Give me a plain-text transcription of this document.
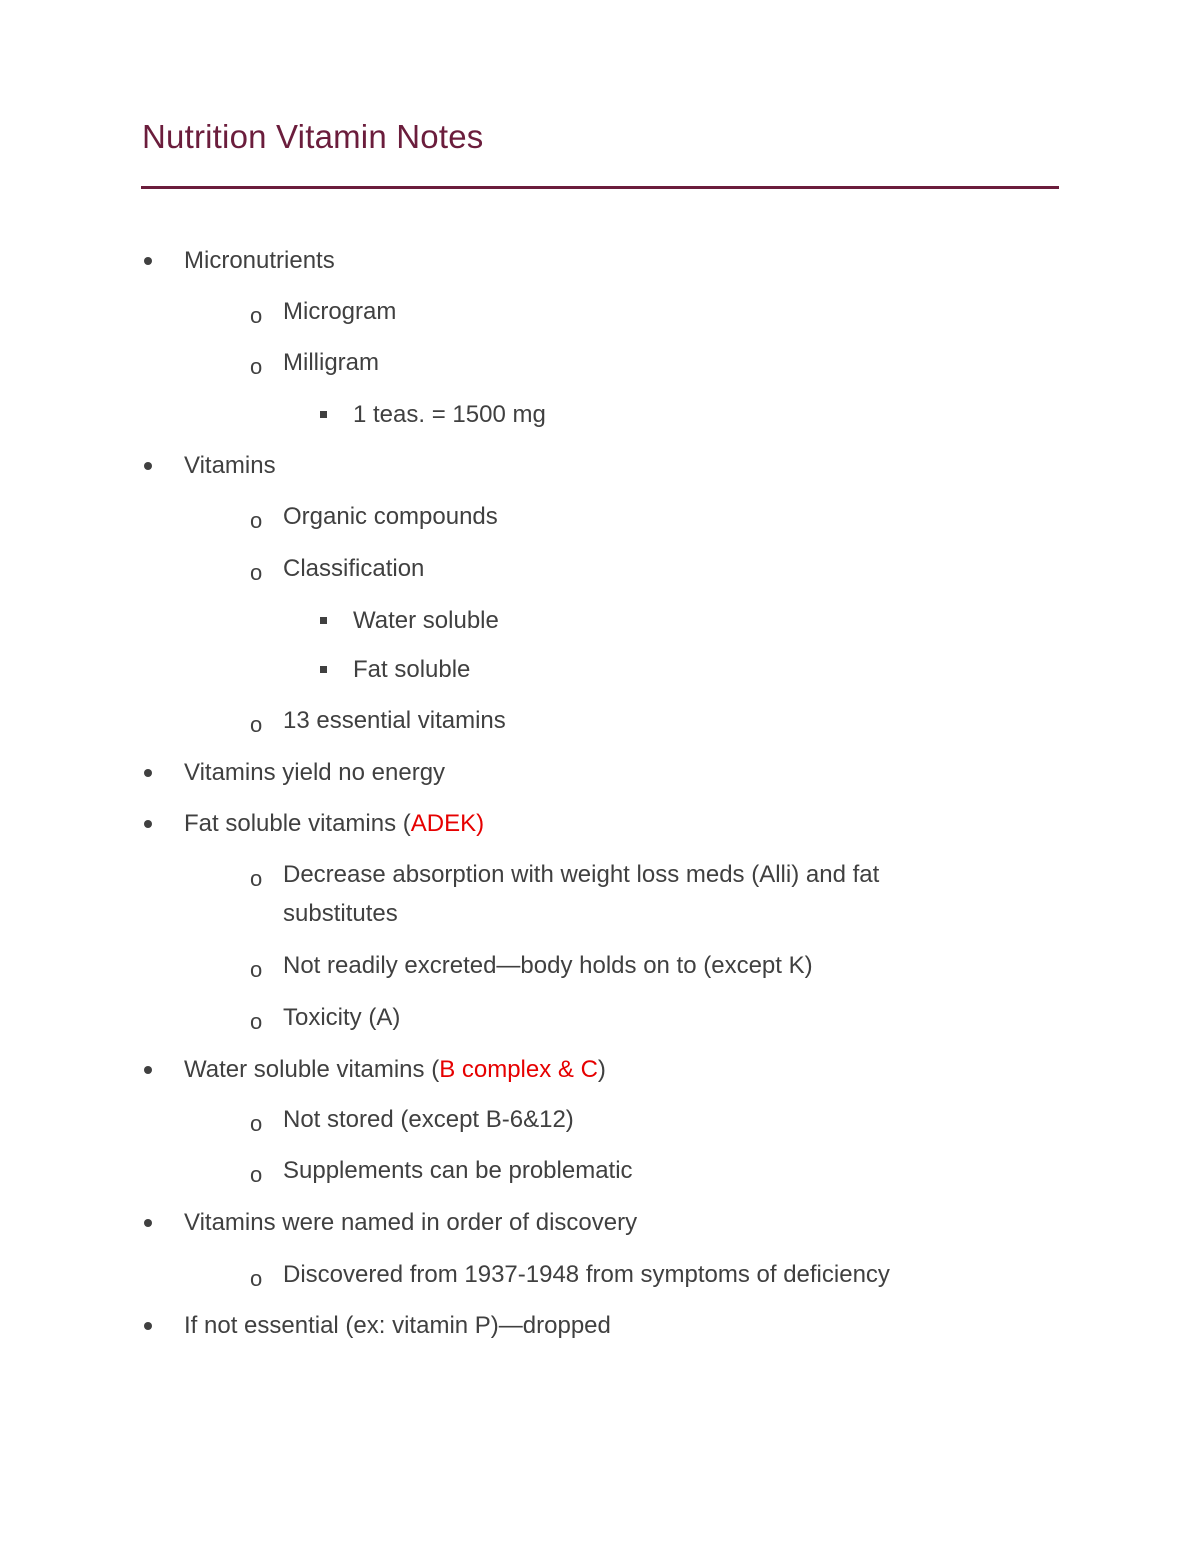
Nutrition Vitamin Notes
Micronutrients
o Microgram
o Milligram
1 teas. = 1500 mg
Vitamins
o Organic compounds
o Classification
Water soluble
Fat soluble
o 13 essential vitamins
Vitamins yield no energy
Fat soluble vitamins (ADEK)
o Decrease absorption with weight loss meds (Alli) and fat
substitutes
o Not readily excreted—body holds on to (except K)
o Toxicity (A)
Water soluble vitamins (B complex & C)
o Not stored (except B-6&12)
o Supplements can be problematic
Vitamins were named in order of discovery
o Discovered from 1937-1948 from symptoms of deficiency
If not essential (ex: vitamin P)—dropped
